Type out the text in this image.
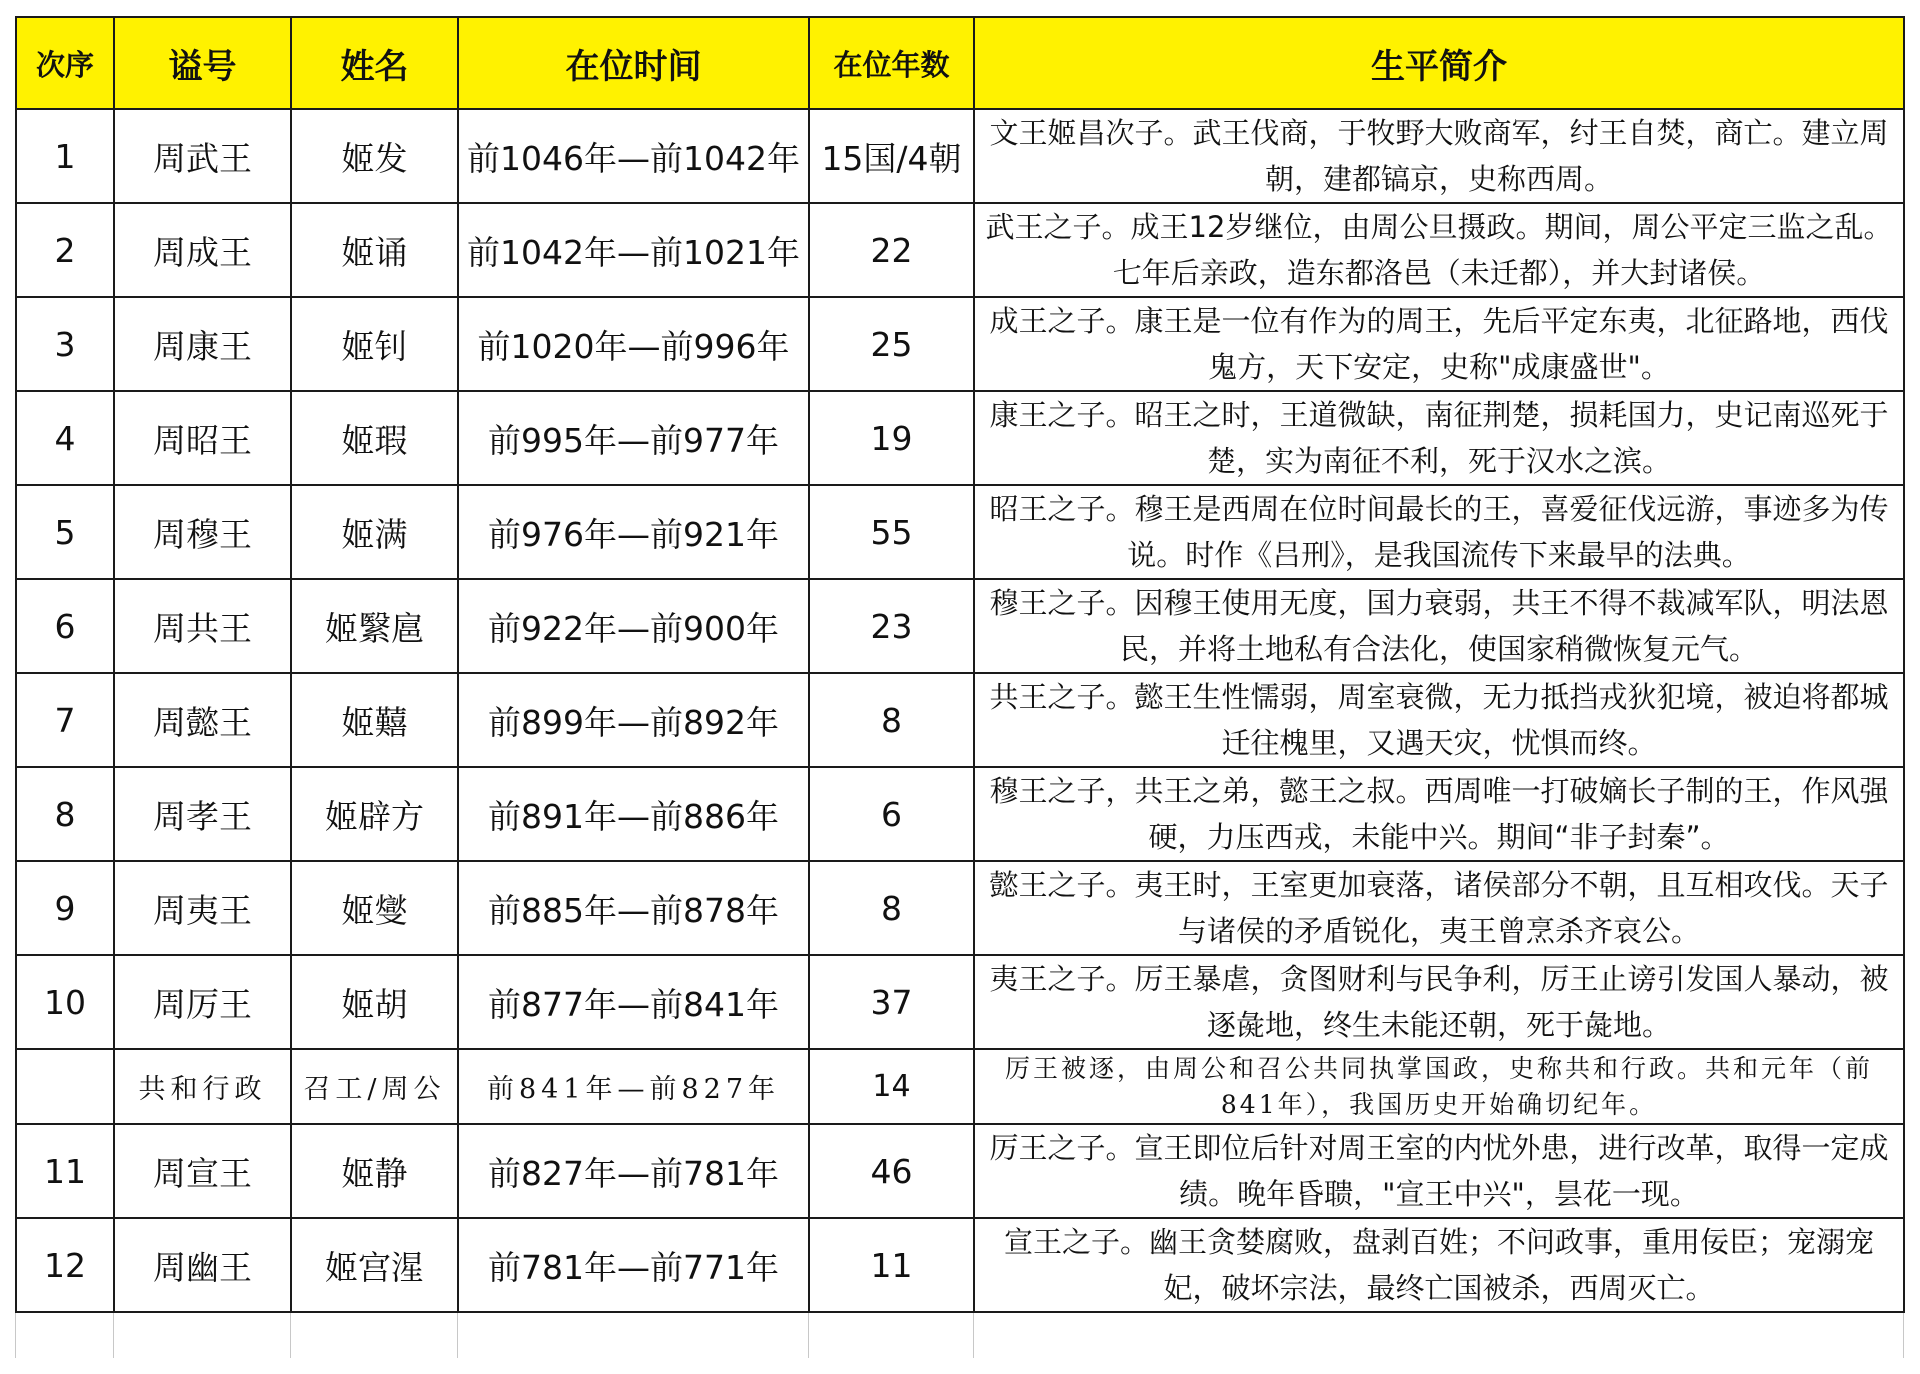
次序	谥号	姓名	在位时间	在位年数	生平简介
1	周武王	姬发	前1046年—前1042年	15国/4朝	文王姬昌次子。武王伐商，于牧野大败商军，纣王自焚，商亡。建立周朝，建都镐京，史称西周。
2	周成王	姬诵	前1042年—前1021年	22	武王之子。成王12岁继位，由周公旦摄政。期间，周公平定三监之乱。七年后亲政，造东都洛邑（未迁都），并大封诸侯。
3	周康王	姬钊	前1020年—前996年	25	成王之子。康王是一位有作为的周王，先后平定东夷，北征路地，西伐鬼方，天下安定，史称"成康盛世"。
4	周昭王	姬瑕	前995年—前977年	19	康王之子。昭王之时，王道微缺，南征荆楚，损耗国力，史记南巡死于楚，实为南征不利，死于汉水之滨。
5	周穆王	姬满	前976年—前921年	55	昭王之子。穆王是西周在位时间最长的王，喜爱征伐远游，事迹多为传说。时作《吕刑》，是我国流传下来最早的法典。
6	周共王	姬繄扈	前922年—前900年	23	穆王之子。因穆王使用无度，国力衰弱，共王不得不裁减军队，明法恩民，并将土地私有合法化，使国家稍微恢复元气。
7	周懿王	姬囏	前899年—前892年	8	共王之子。懿王生性懦弱，周室衰微，无力抵挡戎狄犯境，被迫将都城迁往槐里，又遇天灾，忧惧而终。
8	周孝王	姬辟方	前891年—前886年	6	穆王之子，共王之弟，懿王之叔。西周唯一打破嫡长子制的王，作风强硬，力压西戎，未能中兴。期间“非子封秦”。
9	周夷王	姬燮	前885年—前878年	8	懿王之子。夷王时，王室更加衰落，诸侯部分不朝，且互相攻伐。天子与诸侯的矛盾锐化，夷王曾烹杀齐哀公。
10	周厉王	姬胡	前877年—前841年	37	夷王之子。厉王暴虐，贪图财利与民争利，厉王止谤引发国人暴动，被逐彘地，终生未能还朝，死于彘地。
	共和行政	召工/周公	前841年—前827年	14	厉王被逐，由周公和召公共同执掌国政，史称共和行政。共和元年（前841年），我国历史开始确切纪年。
11	周宣王	姬静	前827年—前781年	46	厉王之子。宣王即位后针对周王室的内忧外患，进行改革，取得一定成绩。晚年昏聩，"宣王中兴"，昙花一现。
12	周幽王	姬宫湦	前781年—前771年	11	宣王之子。幽王贪婪腐败，盘剥百姓；不问政事，重用佞臣；宠溺宠妃，破坏宗法，最终亡国被杀，西周灭亡。
